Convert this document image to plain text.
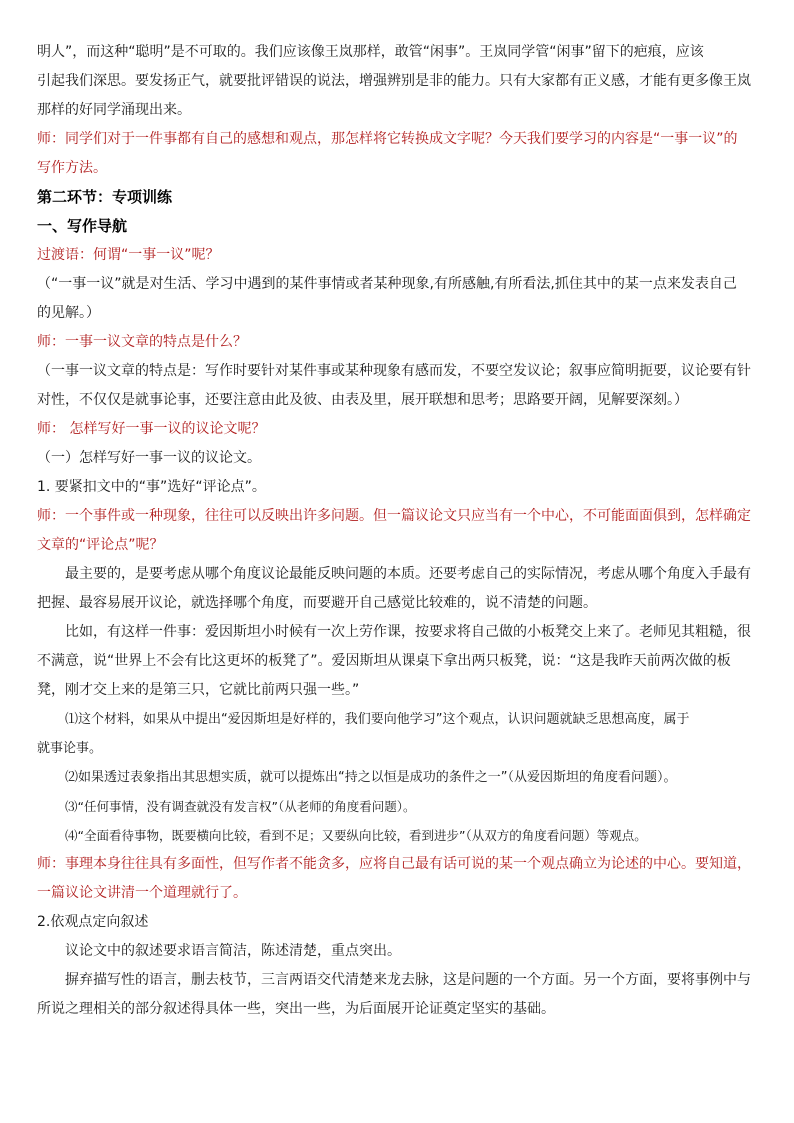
明人”，而这种“聪明”是不可取的。我们应该像王岚那样，敢管“闲事”。王岚同学管“闲事”留下的疤痕，应该
引起我们深思。要发扬正气，就要批评错误的说法，增强辨别是非的能力。只有大家都有正义感，才能有更多像王岚
那样的好同学涌现出来。
师：同学们对于一件事都有自己的感想和观点，那怎样将它转换成文字呢？今天我们要学习的内容是“一事一议”的
写作方法。
第二环节：专项训练
一、写作导航
过渡语：何谓“一事一议”呢？
（“一事一议”就是对生活、学习中遇到的某件事情或者某种现象,有所感触,有所看法,抓住其中的某一点来发表自己
的见解。）
师：一事一议文章的特点是什么？
（一事一议文章的特点是：写作时要针对某件事或某种现象有感而发，不要空发议论；叙事应简明扼要，议论要有针
对性，不仅仅是就事论事，还要注意由此及彼、由表及里，展开联想和思考；思路要开阔，见解要深刻。）
师： 怎样写好一事一议的议论文呢？
（一）怎样写好一事一议的议论文。
1. 要紧扣文中的“事”选好“评论点”。
师：一个事件或一种现象，往往可以反映出许多问题。但一篇议论文只应当有一个中心，不可能面面俱到，怎样确定
文章的“评论点”呢？
最主要的，是要考虑从哪个角度议论最能反映问题的本质。还要考虑自己的实际情况，考虑从哪个角度入手最有
把握、最容易展开议论，就选择哪个角度，而要避开自己感觉比较难的，说不清楚的问题。
比如，有这样一件事：爱因斯坦小时候有一次上劳作课，按要求将自己做的小板凳交上来了。老师见其粗糙，很
不满意，说“世界上不会有比这更坏的板凳了”。爱因斯坦从课桌下拿出两只板凳，说：“这是我昨天前两次做的板
凳，刚才交上来的是第三只，它就比前两只强一些。”
⑴这个材料，如果从中提出“爱因斯坦是好样的，我们要向他学习”这个观点，认识问题就缺乏思想高度，属于
就事论事。
⑵如果透过表象指出其思想实质，就可以提炼出“持之以恒是成功的条件之一”（从爱因斯坦的角度看问题）。
⑶“任何事情，没有调查就没有发言权”（从老师的角度看问题）。
⑷“全面看待事物，既要横向比较，看到不足；又要纵向比较，看到进步”（从双方的角度看问题）等观点。
师：事理本身往往具有多面性，但写作者不能贪多，应将自己最有话可说的某一个观点确立为论述的中心。要知道，
一篇议论文讲清一个道理就行了。
2.依观点定向叙述
议论文中的叙述要求语言简洁，陈述清楚，重点突出。
摒弃描写性的语言，删去枝节，三言两语交代清楚来龙去脉，这是问题的一个方面。另一个方面，要将事例中与
所说之理相关的部分叙述得具体一些，突出一些，为后面展开论证奠定坚实的基础。
